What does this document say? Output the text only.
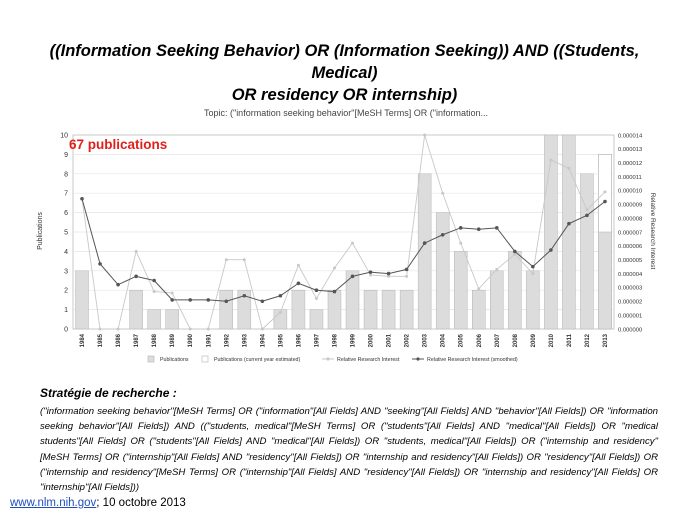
((Information Seeking Behavior) OR (Information Seeking)) AND ((Students, Medical)
OR residency OR internship)
Topic: ("information seeking behavior"[MeSH Terms] OR ("information...
0
1
2
3
4
5
6
7
8
9
10
0.000000
0.000001
0.000002
0.000003
0.000004
0.000005
0.000006
0.000007
0.000008
0.000009
0.000010
0.000011
0.000012
0.000013
0.000014
1984 1985 1986 1987 1988 1989 1990 1991 1992 1993 1994 1995 1996 1997 1998 1999 2000 2001 2002 2003 2004 2005 2006 2007 2008 2009 2010 2011 2012 2013
67 publications
Publications	Relative Research Interest
Publications	Publications (current year estimated)	Relative Research Interest	Relative Research Interest (smoothed)
Stratégie de recherche :
("information seeking behavior"[MeSH Terms] OR ("information"[All Fields] AND "seeking"[All Fields] AND "behavior"[All Fields]) OR "information seeking behavior"[All Fields]) AND (("students, medical"[MeSH Terms] OR ("students"[All Fields] AND "medical"[All Fields]) OR "medical students"[All Fields] OR ("students"[All Fields] AND "medical"[All Fields]) OR "students, medical"[All Fields]) OR ("internship and residency"[MeSH Terms] OR ("internship"[All Fields] AND "residency"[All Fields]) OR "internship and residency"[All Fields]) OR "residency"[All Fields]) OR ("internship and residency"[MeSH Terms] OR ("internship"[All Fields] AND "residency"[All Fields]) OR "internship and residency"[All Fields] OR "internship"[All Fields]))
www.nlm.nih.gov; 10 octobre 2013
